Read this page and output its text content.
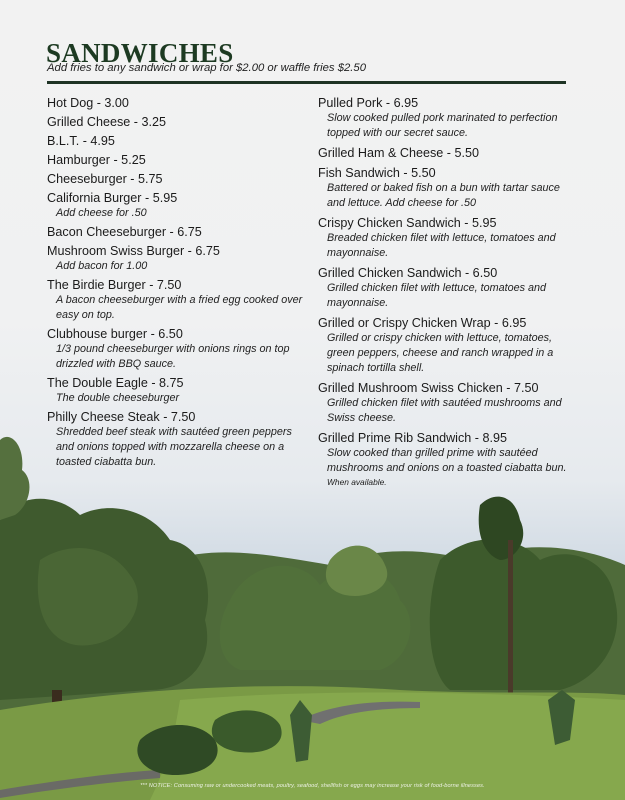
SANDWICHES
Add fries to any sandwich or wrap for $2.00 or waffle fries $2.50
Hot Dog - 3.00
Grilled Cheese - 3.25
B.L.T. - 4.95
Hamburger - 5.25
Cheeseburger - 5.75
California Burger - 5.95
Add cheese for .50
Bacon Cheeseburger - 6.75
Mushroom Swiss Burger - 6.75
Add bacon for 1.00
The Birdie Burger - 7.50
A bacon cheeseburger with a fried egg cooked over easy on top.
Clubhouse burger - 6.50
1/3 pound cheeseburger with onions rings on top drizzled with BBQ sauce.
The Double Eagle - 8.75
The double cheeseburger
Philly Cheese Steak - 7.50
Shredded beef steak with sautéed green peppers and onions topped with mozzarella cheese on a toasted ciabatta bun.
Pulled Pork - 6.95
Slow cooked pulled pork marinated to perfection topped with our secret sauce.
Grilled Ham & Cheese - 5.50
Fish Sandwich - 5.50
Battered or baked fish on a bun with tartar sauce and lettuce. Add cheese for .50
Crispy Chicken Sandwich - 5.95
Breaded chicken filet with lettuce, tomatoes and mayonnaise.
Grilled Chicken Sandwich - 6.50
Grilled chicken filet with lettuce, tomatoes and mayonnaise.
Grilled or Crispy Chicken Wrap - 6.95
Grilled or crispy chicken with lettuce, tomatoes, green peppers, cheese and ranch wrapped in a spinach tortilla shell.
Grilled Mushroom Swiss Chicken - 7.50
Grilled chicken filet with sautéed mushrooms and Swiss cheese.
Grilled Prime Rib Sandwich - 8.95
Slow cooked than grilled prime with sautéed mushrooms and onions on a toasted ciabatta bun.
When available.
*** NOTICE: Consuming raw or undercooked meats, poultry, seafood, shellfish or eggs may increase your risk of food-borne illnesses.
